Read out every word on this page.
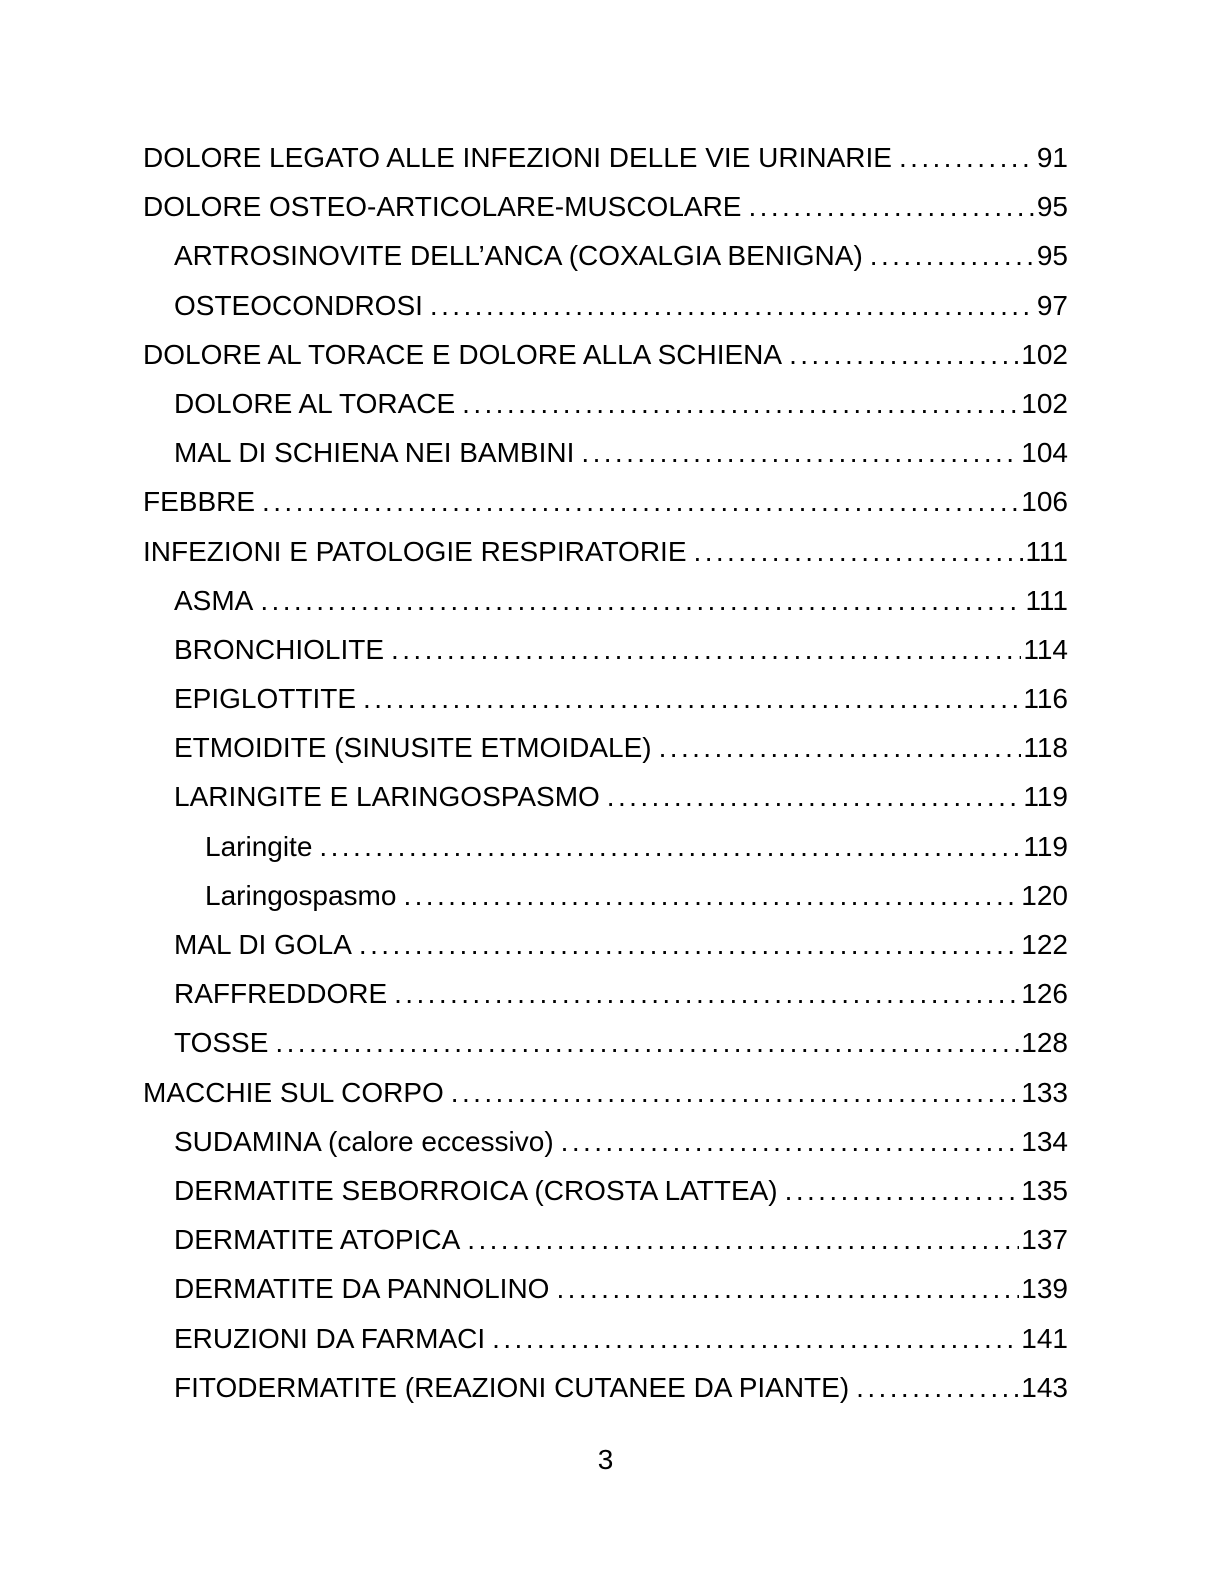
DOLORE LEGATO ALLE INFEZIONI DELLE VIE URINARIE .....	91
DOLORE OSTEO-ARTICOLARE-MUSCOLARE .....	95
ARTROSINOVITE DELL’ANCA (COXALGIA BENIGNA) .....	95
OSTEOCONDROSI .....	97
DOLORE AL TORACE E DOLORE ALLA SCHIENA .....	102
DOLORE AL TORACE .....	102
MAL DI SCHIENA NEI BAMBINI .....	104
FEBBRE .....	106
INFEZIONI E PATOLOGIE RESPIRATORIE .....	111
ASMA .....	111
BRONCHIOLITE .....	114
EPIGLOTTITE .....	116
ETMOIDITE (SINUSITE ETMOIDALE) .....	118
LARINGITE E LARINGOSPASMO .....	119
Laringite .....	119
Laringospasmo .....	120
MAL DI GOLA .....	122
RAFFREDDORE .....	126
TOSSE .....	128
MACCHIE SUL CORPO .....	133
SUDAMINA (calore eccessivo) .....	134
DERMATITE SEBORROICA (CROSTA LATTEA) .....	135
DERMATITE ATOPICA .....	137
DERMATITE DA PANNOLINO .....	139
ERUZIONI DA FARMACI .....	141
FITODERMATITE (REAZIONI CUTANEE DA PIANTE) .....	143
3
